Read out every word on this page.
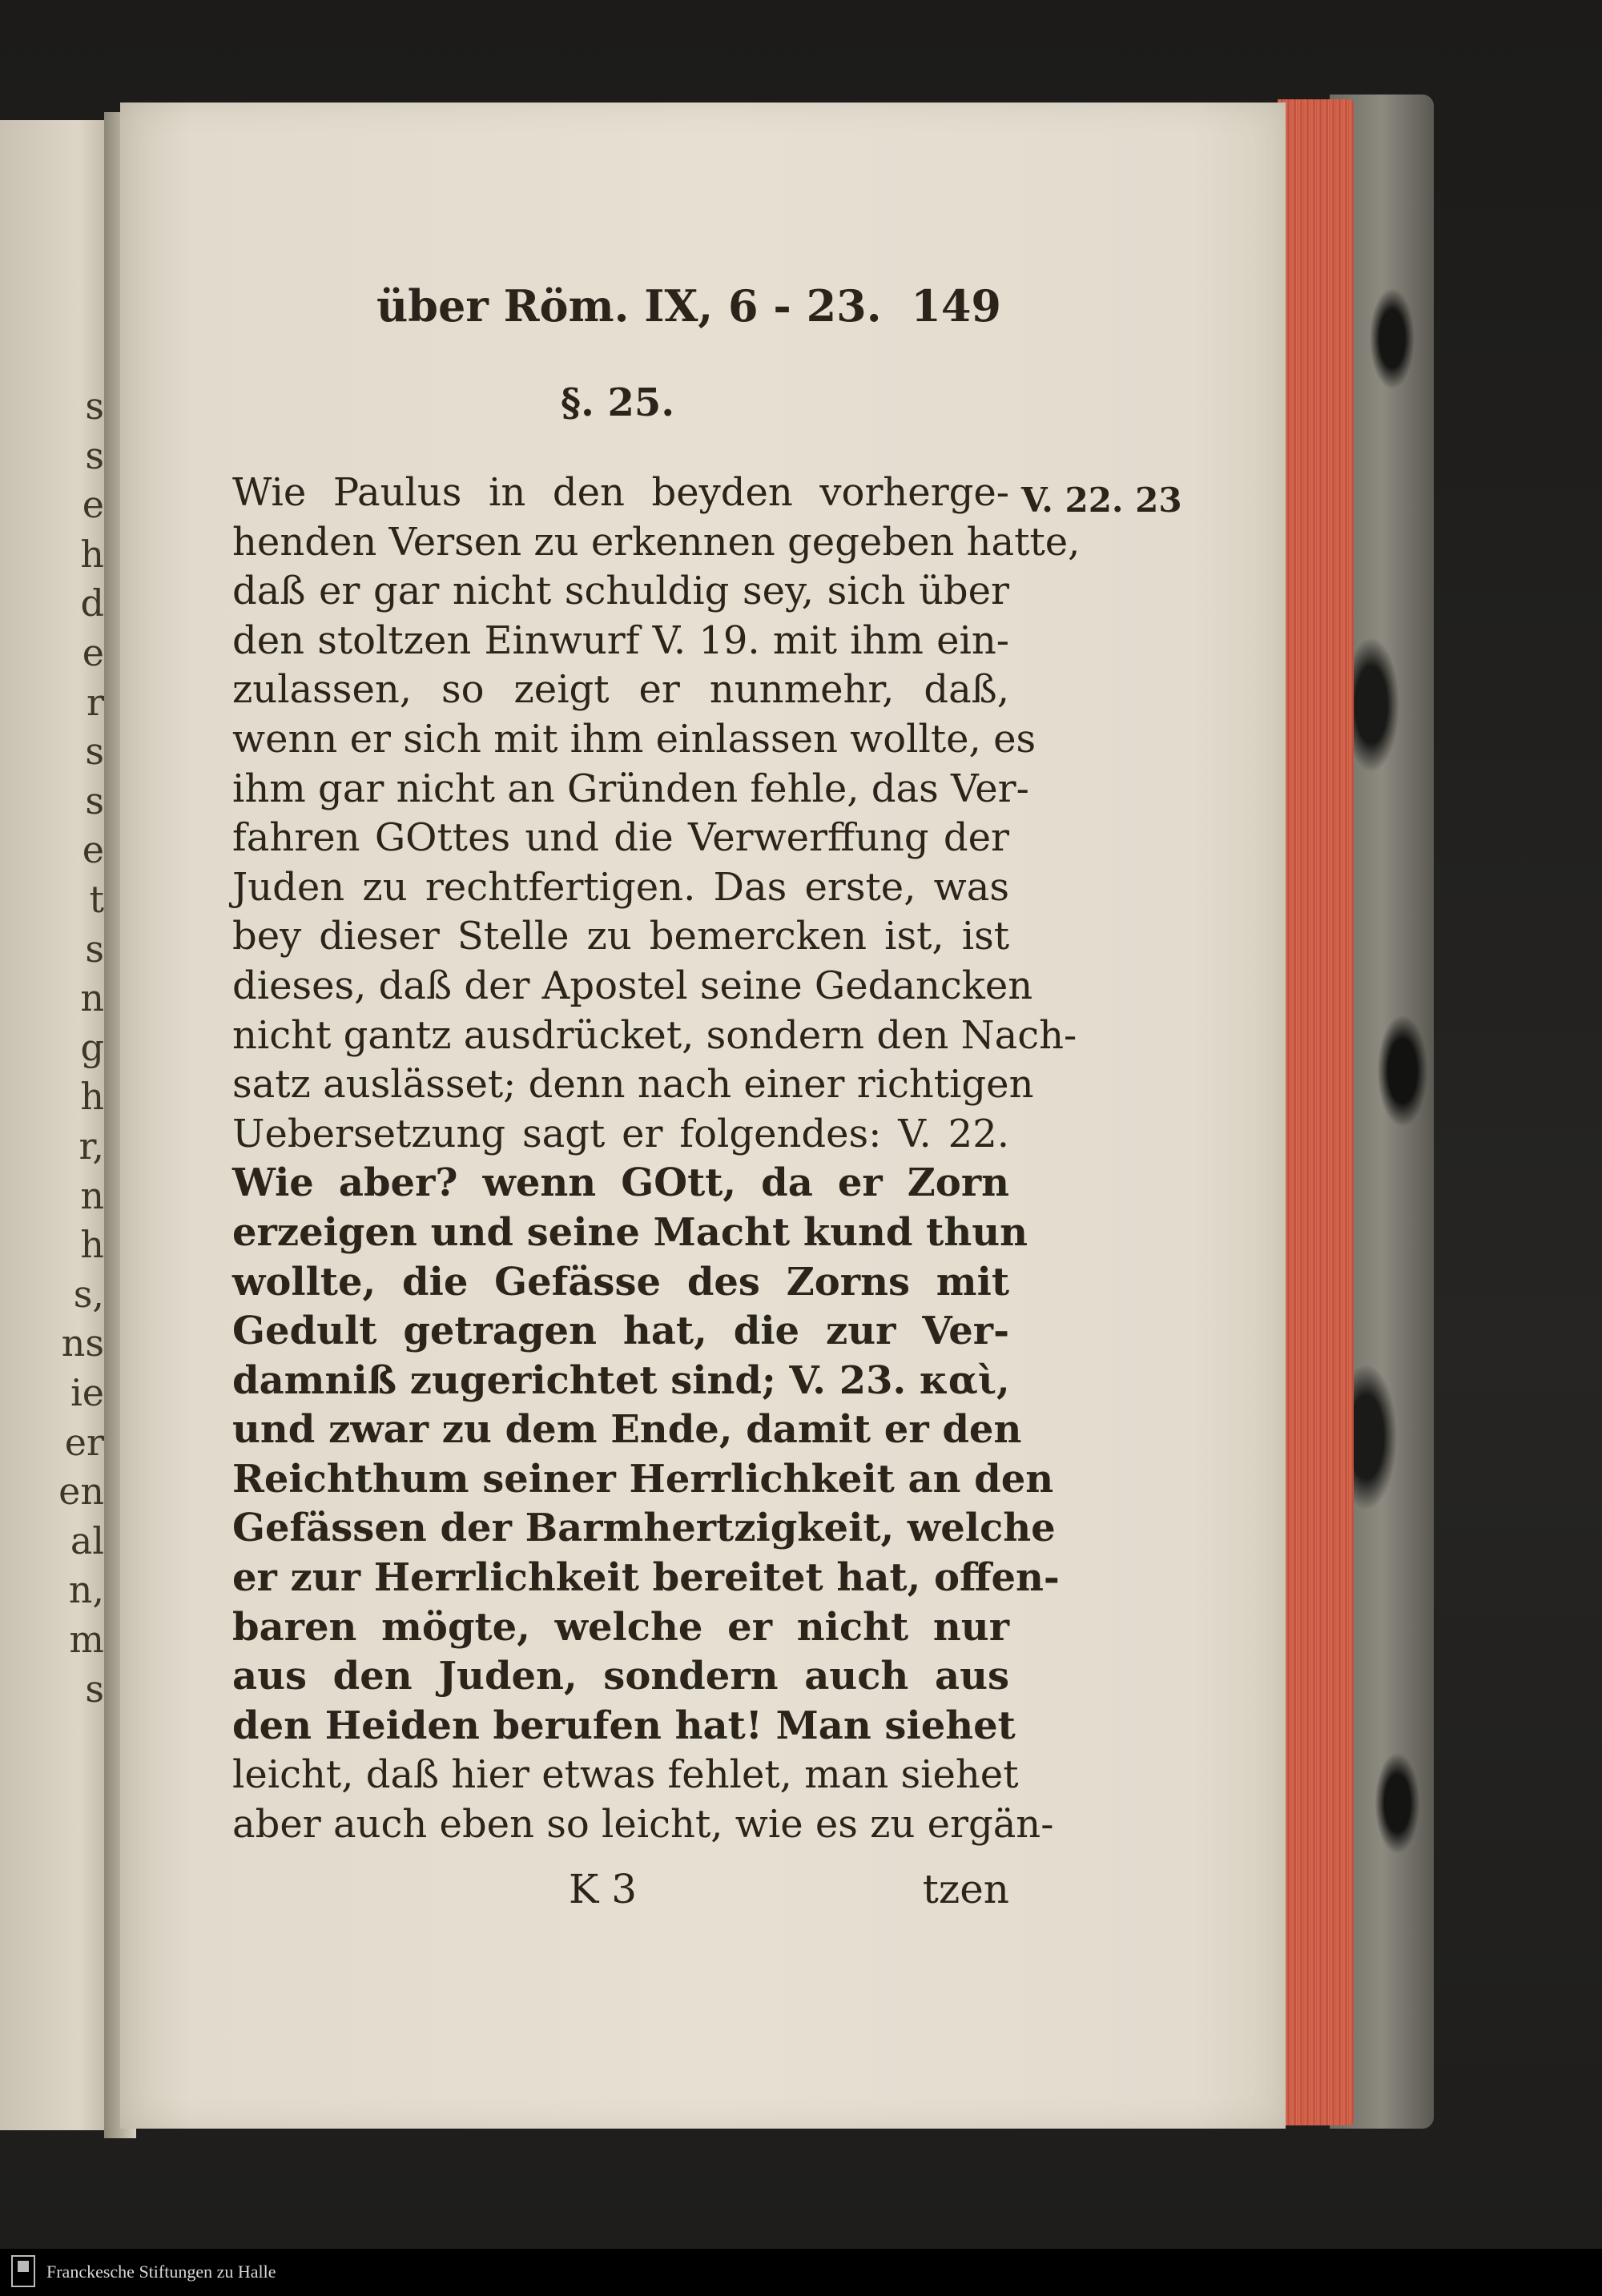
s
s
e
h
d
e
r
s
s
e
t
s
n
g
h
r,
n
h
s,
ns
ie
er
en
al
n,
m
s
über Röm. IX, 6 - 23. 149
§. 25.
V. 22. 23
Wie Paulus in den beyden vorherge-
henden Versen zu erkennen gegeben hatte,
daß er gar nicht schuldig sey, sich über
den stoltzen Einwurf V. 19. mit ihm ein-
zulassen, so zeigt er nunmehr, daß,
wenn er sich mit ihm einlassen wollte, es
ihm gar nicht an Gründen fehle, das Ver-
fahren GOttes und die Verwerffung der
Juden zu rechtfertigen. Das erste, was
bey dieser Stelle zu bemercken ist, ist
dieses, daß der Apostel seine Gedancken
nicht gantz ausdrücket, sondern den Nach-
satz auslässet; denn nach einer richtigen
Uebersetzung sagt er folgendes: V. 22.
Wie aber? wenn GOtt, da er Zorn
erzeigen und seine Macht kund thun
wollte, die Gefässe des Zorns mit
Gedult getragen hat, die zur Ver-
damniß zugerichtet sind; V. 23. καὶ,
und zwar zu dem Ende, damit er den
Reichthum seiner Herrlichkeit an den
Gefässen der Barmhertzigkeit, welche
er zur Herrlichkeit bereitet hat, offen-
baren mögte, welche er nicht nur
aus den Juden, sondern auch aus
den Heiden berufen hat! Man siehet
leicht, daß hier etwas fehlet, man siehet
aber auch eben so leicht, wie es zu ergän-
K 3	tzen
Franckesche Stiftungen zu Halle
